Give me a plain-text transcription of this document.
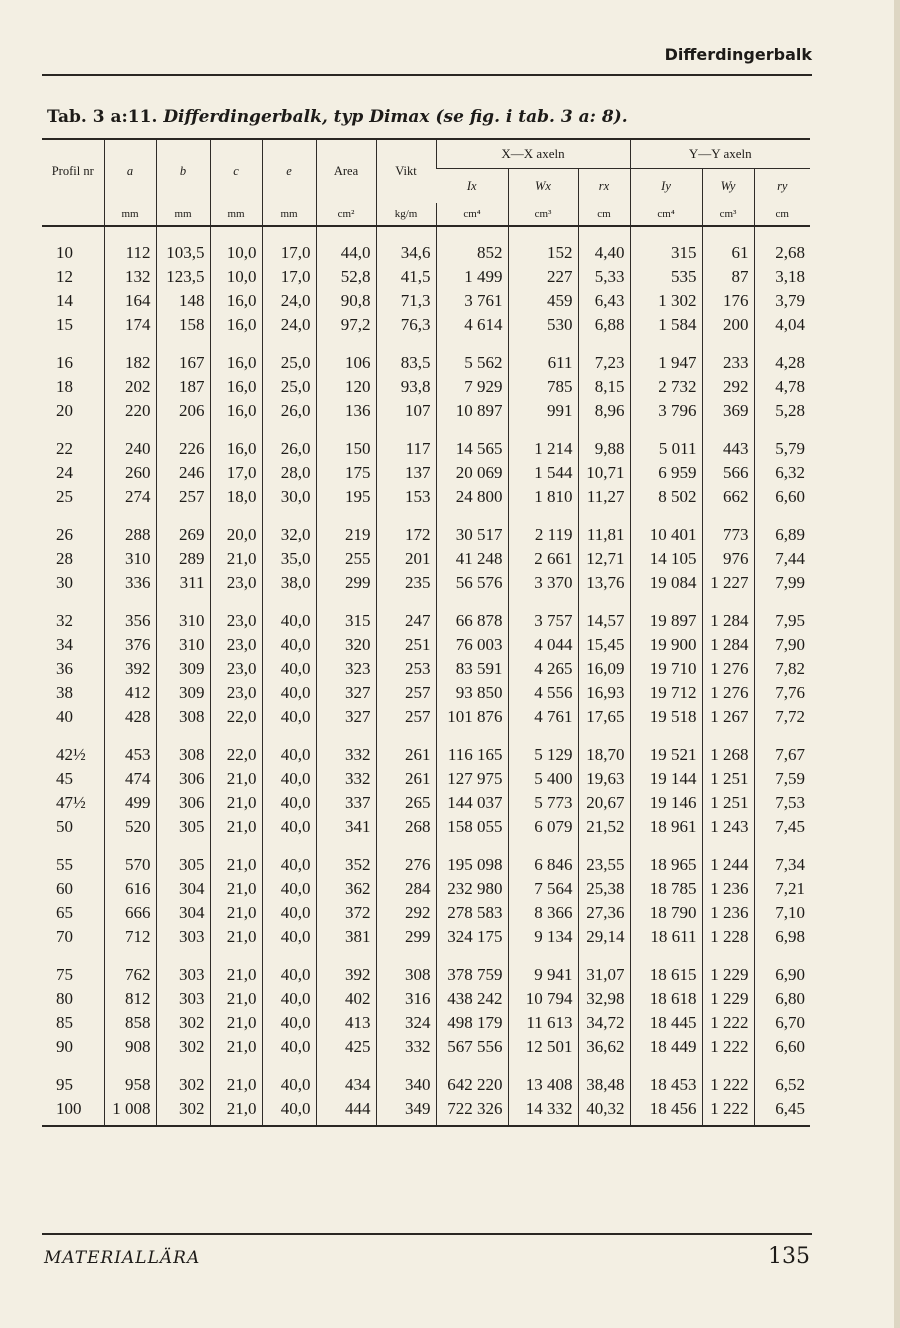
Differdingerbalk
Tab. 3 a:11. Differdingerbalk, typ Dimax (se fig. i tab. 3 a: 8).
Profil nr	a	b	c	e	Area	Vikt	X—X axeln			Y—Y axeln		
							Ix	Wx	rx	Iy	Wy	ry
	mm	mm	mm	mm	cm²	kg/m	cm⁴	cm³	cm	cm⁴	cm³	cm
10	112	103,5	10,0	17,0	44,0	34,6	852	152	4,40	315	61	2,68
12	132	123,5	10,0	17,0	52,8	41,5	1 499	227	5,33	535	87	3,18
14	164	148	16,0	24,0	90,8	71,3	3 761	459	6,43	1 302	176	3,79
15	174	158	16,0	24,0	97,2	76,3	4 614	530	6,88	1 584	200	4,04
16	182	167	16,0	25,0	106	83,5	5 562	611	7,23	1 947	233	4,28
18	202	187	16,0	25,0	120	93,8	7 929	785	8,15	2 732	292	4,78
20	220	206	16,0	26,0	136	107	10 897	991	8,96	3 796	369	5,28
22	240	226	16,0	26,0	150	117	14 565	1 214	9,88	5 011	443	5,79
24	260	246	17,0	28,0	175	137	20 069	1 544	10,71	6 959	566	6,32
25	274	257	18,0	30,0	195	153	24 800	1 810	11,27	8 502	662	6,60
26	288	269	20,0	32,0	219	172	30 517	2 119	11,81	10 401	773	6,89
28	310	289	21,0	35,0	255	201	41 248	2 661	12,71	14 105	976	7,44
30	336	311	23,0	38,0	299	235	56 576	3 370	13,76	19 084	1 227	7,99
32	356	310	23,0	40,0	315	247	66 878	3 757	14,57	19 897	1 284	7,95
34	376	310	23,0	40,0	320	251	76 003	4 044	15,45	19 900	1 284	7,90
36	392	309	23,0	40,0	323	253	83 591	4 265	16,09	19 710	1 276	7,82
38	412	309	23,0	40,0	327	257	93 850	4 556	16,93	19 712	1 276	7,76
40	428	308	22,0	40,0	327	257	101 876	4 761	17,65	19 518	1 267	7,72
42½	453	308	22,0	40,0	332	261	116 165	5 129	18,70	19 521	1 268	7,67
45	474	306	21,0	40,0	332	261	127 975	5 400	19,63	19 144	1 251	7,59
47½	499	306	21,0	40,0	337	265	144 037	5 773	20,67	19 146	1 251	7,53
50	520	305	21,0	40,0	341	268	158 055	6 079	21,52	18 961	1 243	7,45
55	570	305	21,0	40,0	352	276	195 098	6 846	23,55	18 965	1 244	7,34
60	616	304	21,0	40,0	362	284	232 980	7 564	25,38	18 785	1 236	7,21
65	666	304	21,0	40,0	372	292	278 583	8 366	27,36	18 790	1 236	7,10
70	712	303	21,0	40,0	381	299	324 175	9 134	29,14	18 611	1 228	6,98
75	762	303	21,0	40,0	392	308	378 759	9 941	31,07	18 615	1 229	6,90
80	812	303	21,0	40,0	402	316	438 242	10 794	32,98	18 618	1 229	6,80
85	858	302	21,0	40,0	413	324	498 179	11 613	34,72	18 445	1 222	6,70
90	908	302	21,0	40,0	425	332	567 556	12 501	36,62	18 449	1 222	6,60
95	958	302	21,0	40,0	434	340	642 220	13 408	38,48	18 453	1 222	6,52
100	1 008	302	21,0	40,0	444	349	722 326	14 332	40,32	18 456	1 222	6,45
MATERIALLÄRA	135
